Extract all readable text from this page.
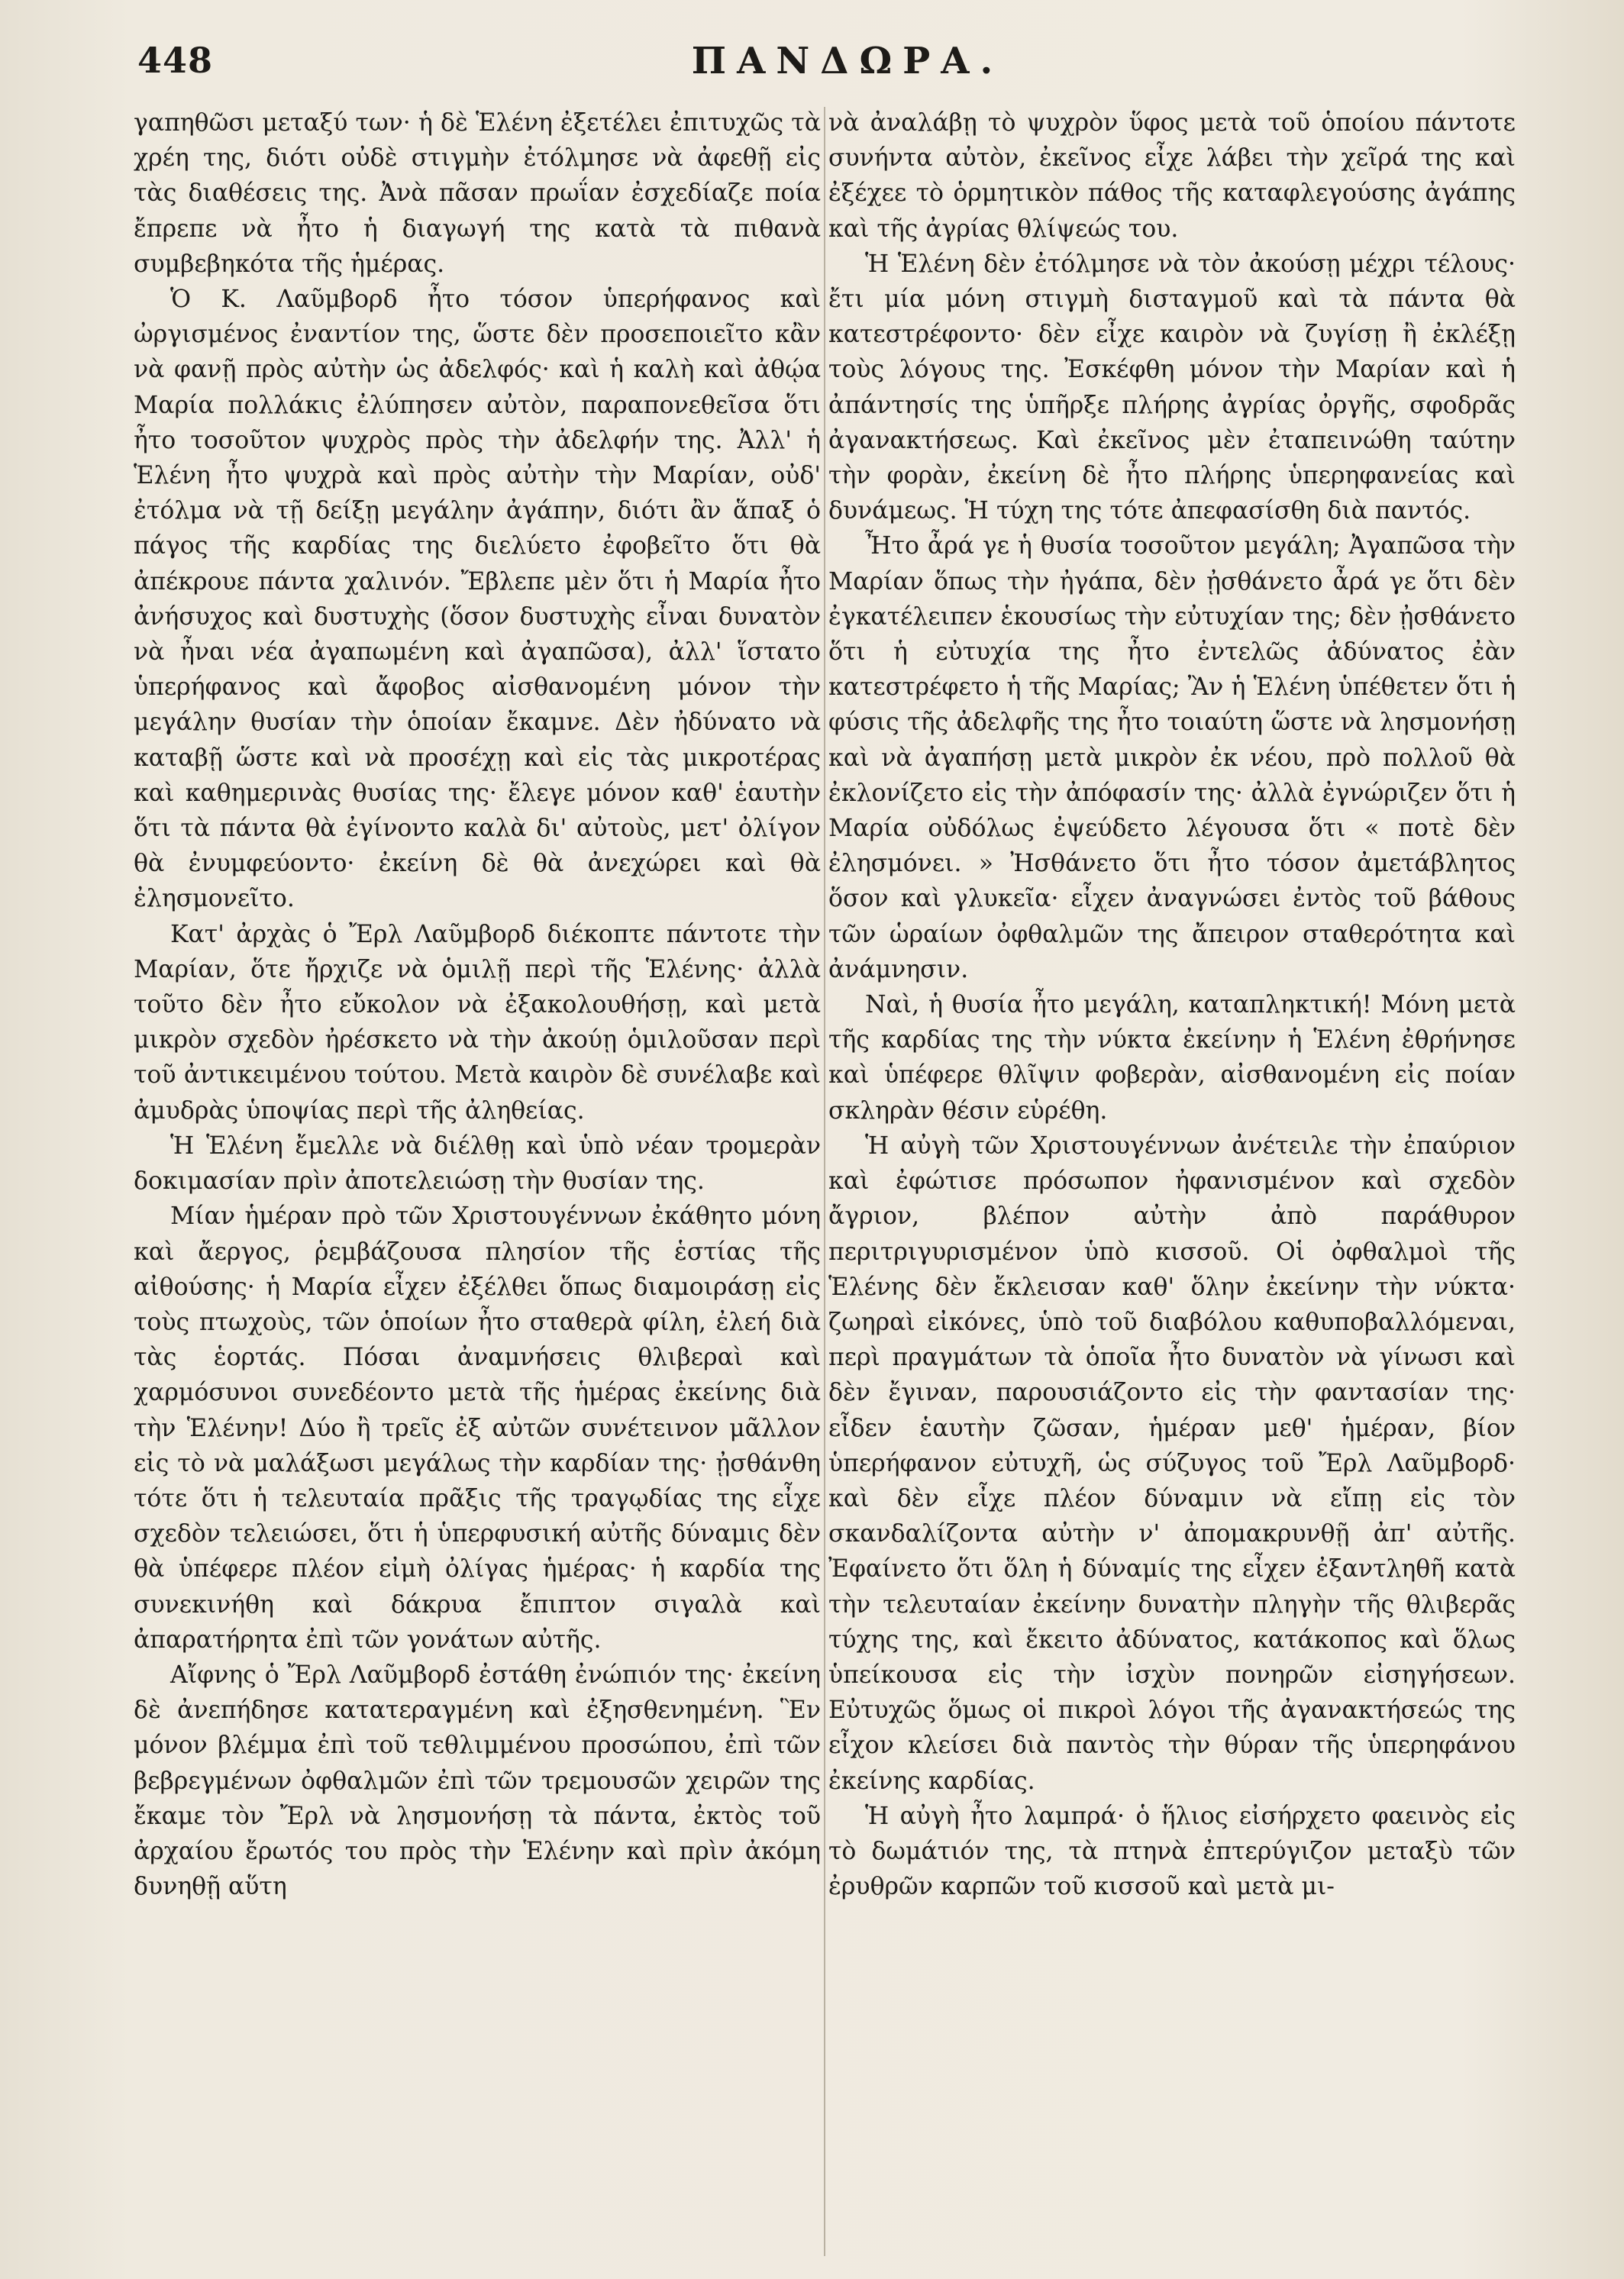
448	ΠΑΝΔΩΡΑ.

γαπηθῶσι μεταξύ των· ἡ δὲ Ἑλένη ἐξετέλει ἐπιτυχῶς τὰ χρέη της, διότι οὐδὲ στιγμὴν ἐτόλμησε νὰ ἀφεθῇ εἰς τὰς διαθέσεις της. Ἀνὰ πᾶσαν πρωΐαν ἐσχεδίαζε ποία ἔπρεπε νὰ ἦτο ἡ διαγωγή της κατὰ τὰ πιθανὰ συμβεβηκότα τῆς ἡμέρας.

Ὁ Κ. Λαῦμβορδ ἦτο τόσον ὑπερήφανος καὶ ὠργισμένος ἐναντίον της, ὥστε δὲν προσεποιεῖτο κἂν νὰ φανῇ πρὸς αὐτὴν ὡς ἀδελφός· καὶ ἡ καλὴ καὶ ἀθῴα Μαρία πολλάκις ἐλύπησεν αὐτὸν, παραπονεθεῖσα ὅτι ἦτο τοσοῦτον ψυχρὸς πρὸς τὴν ἀδελφήν της. Ἀλλ' ἡ Ἑλένη ἦτο ψυχρὰ καὶ πρὸς αὐτὴν τὴν Μαρίαν, οὐδ' ἐτόλμα νὰ τῇ δείξῃ μεγάλην ἀγάπην, διότι ἂν ἅπαξ ὁ πάγος τῆς καρδίας της διελύετο ἐφοβεῖτο ὅτι θὰ ἀπέκρουε πάντα χαλινόν. Ἔβλεπε μὲν ὅτι ἡ Μαρία ἦτο ἀνήσυχος καὶ δυστυχὴς (ὅσον δυστυχὴς εἶναι δυνατὸν νὰ ἦναι νέα ἀγαπωμένη καὶ ἀγαπῶσα), ἀλλ' ἵστατο ὑπερήφανος καὶ ἄφοβος αἰσθανομένη μόνον τὴν μεγάλην θυσίαν τὴν ὁποίαν ἔκαμνε. Δὲν ἠδύνατο νὰ καταβῇ ὥστε καὶ νὰ προσέχῃ καὶ εἰς τὰς μικροτέρας καὶ καθημερινὰς θυσίας της· ἔλεγε μόνον καθ' ἑαυτὴν ὅτι τὰ πάντα θὰ ἐγίνοντο καλὰ δι' αὐτοὺς, μετ' ὀλίγον θὰ ἐνυμφεύοντο· ἐκείνη δὲ θὰ ἀνεχώρει καὶ θὰ ἐλησμονεῖτο.

Κατ' ἀρχὰς ὁ Ἔρλ Λαῦμβορδ διέκοπτε πάντοτε τὴν Μαρίαν, ὅτε ἤρχιζε νὰ ὁμιλῇ περὶ τῆς Ἑλένης· ἀλλὰ τοῦτο δὲν ἦτο εὔκολον νὰ ἐξακολουθήσῃ, καὶ μετὰ μικρὸν σχεδὸν ἠρέσκετο νὰ τὴν ἀκούῃ ὁμιλοῦσαν περὶ τοῦ ἀντικειμένου τούτου. Μετὰ καιρὸν δὲ συνέλαβε καὶ ἀμυδρὰς ὑποψίας περὶ τῆς ἀληθείας.

Ἡ Ἑλένη ἔμελλε νὰ διέλθῃ καὶ ὑπὸ νέαν τρομερὰν δοκιμασίαν πρὶν ἀποτελειώσῃ τὴν θυσίαν της.

Μίαν ἡμέραν πρὸ τῶν Χριστουγέννων ἐκάθητο μόνη καὶ ἄεργος, ῥεμβάζουσα πλησίον τῆς ἑστίας τῆς αἰθούσης· ἡ Μαρία εἶχεν ἐξέλθει ὅπως διαμοιράσῃ εἰς τοὺς πτωχοὺς, τῶν ὁποίων ἦτο σταθερὰ φίλη, ἐλεή διὰ τὰς ἑορτάς. Πόσαι ἀναμνήσεις θλιβεραὶ καὶ χαρμόσυνοι συνεδέοντο μετὰ τῆς ἡμέρας ἐκείνης διὰ τὴν Ἑλένην! Δύο ἢ τρεῖς ἐξ αὐτῶν συνέτεινον μᾶλλον εἰς τὸ νὰ μαλάξωσι μεγάλως τὴν καρδίαν της· ᾐσθάνθη τότε ὅτι ἡ τελευταία πρᾶξις τῆς τραγῳδίας της εἶχε σχεδὸν τελειώσει, ὅτι ἡ ὑπερφυσική αὐτῆς δύναμις δὲν θὰ ὑπέφερε πλέον εἰμὴ ὀλίγας ἡμέρας· ἡ καρδία της συνεκινήθη καὶ δάκρυα ἔπιπτον σιγαλὰ καὶ ἀπαρατήρητα ἐπὶ τῶν γονάτων αὐτῆς.

Αἴφνης ὁ Ἔρλ Λαῦμβορδ ἐστάθη ἐνώπιόν της· ἐκείνη δὲ ἀνεπήδησε κατατεραγμένη καὶ ἐξησθενημένη. Ἓν μόνον βλέμμα ἐπὶ τοῦ τεθλιμμένου προσώπου, ἐπὶ τῶν βεβρεγμένων ὀφθαλμῶν ἐπὶ τῶν τρεμουσῶν χειρῶν της ἔκαμε τὸν Ἔρλ νὰ λησμονήσῃ τὰ πάντα, ἐκτὸς τοῦ ἀρχαίου ἔρωτός του πρὸς τὴν Ἑλένην καὶ πρὶν ἀκόμη δυνηθῇ αὕτη

νὰ ἀναλάβῃ τὸ ψυχρὸν ὕφος μετὰ τοῦ ὁποίου πάντοτε συνήντα αὐτὸν, ἐκεῖνος εἶχε λάβει τὴν χεῖρά της καὶ ἐξέχεε τὸ ὁρμητικὸν πάθος τῆς καταφλεγούσης ἀγάπης καὶ τῆς ἀγρίας θλίψεώς του.

Ἡ Ἑλένη δὲν ἐτόλμησε νὰ τὸν ἀκούσῃ μέχρι τέλους· ἔτι μία μόνη στιγμὴ δισταγμοῦ καὶ τὰ πάντα θὰ κατεστρέφοντο· δὲν εἶχε καιρὸν νὰ ζυγίσῃ ἢ ἐκλέξῃ τοὺς λόγους της. Ἐσκέφθη μόνον τὴν Μαρίαν καὶ ἡ ἀπάντησίς της ὑπῆρξε πλήρης ἀγρίας ὀργῆς, σφοδρᾶς ἀγανακτήσεως. Καὶ ἐκεῖνος μὲν ἐταπεινώθη ταύτην τὴν φορὰν, ἐκείνη δὲ ἦτο πλήρης ὑπερηφανείας καὶ δυνάμεως. Ἡ τύχη της τότε ἀπεφασίσθη διὰ παντός.

Ἦτο ἆρά γε ἡ θυσία τοσοῦτον μεγάλη; Ἀγαπῶσα τὴν Μαρίαν ὅπως τὴν ἠγάπα, δὲν ᾐσθάνετο ἆρά γε ὅτι δὲν ἐγκατέλειπεν ἑκουσίως τὴν εὐτυχίαν της; δὲν ᾐσθάνετο ὅτι ἡ εὐτυχία της ἦτο ἐντελῶς ἀδύνατος ἐὰν κατεστρέφετο ἡ τῆς Μαρίας; Ἂν ἡ Ἑλένη ὑπέθετεν ὅτι ἡ φύσις τῆς ἀδελφῆς της ἦτο τοιαύτη ὥστε νὰ λησμονήσῃ καὶ νὰ ἀγαπήσῃ μετὰ μικρὸν ἐκ νέου, πρὸ πολλοῦ θὰ ἐκλονίζετο εἰς τὴν ἀπόφασίν της· ἀλλὰ ἐγνώριζεν ὅτι ἡ Μαρία οὐδόλως ἐψεύδετο λέγουσα ὅτι « ποτὲ δὲν ἐλησμόνει. » Ἠσθάνετο ὅτι ἦτο τόσον ἀμετάβλητος ὅσον καὶ γλυκεῖα· εἶχεν ἀναγνώσει ἐντὸς τοῦ βάθους τῶν ὡραίων ὀφθαλμῶν της ἄπειρον σταθερότητα καὶ ἀνάμνησιν.

Ναὶ, ἡ θυσία ἦτο μεγάλη, καταπληκτική! Μόνη μετὰ τῆς καρδίας της τὴν νύκτα ἐκείνην ἡ Ἑλένη ἐθρήνησε καὶ ὑπέφερε θλῖψιν φοβερὰν, αἰσθανομένη εἰς ποίαν σκληρὰν θέσιν εὑρέθη.

Ἡ αὐγὴ τῶν Χριστουγέννων ἀνέτειλε τὴν ἐπαύριον καὶ ἐφώτισε πρόσωπον ἠφανισμένον καὶ σχεδὸν ἄγριον, βλέπον αὐτὴν ἀπὸ παράθυρον περιτριγυρισμένον ὑπὸ κισσοῦ. Οἱ ὀφθαλμοὶ τῆς Ἑλένης δὲν ἔκλεισαν καθ' ὅλην ἐκείνην τὴν νύκτα· ζωηραὶ εἰκόνες, ὑπὸ τοῦ διαβόλου καθυποβαλλόμεναι, περὶ πραγμάτων τὰ ὁποῖα ἦτο δυνατὸν νὰ γίνωσι καὶ δὲν ἔγιναν, παρουσιάζοντο εἰς τὴν φαντασίαν της· εἶδεν ἑαυτὴν ζῶσαν, ἡμέραν μεθ' ἡμέραν, βίον ὑπερήφανον εὐτυχῆ, ὡς σύζυγος τοῦ Ἔρλ Λαῦμβορδ· καὶ δὲν εἶχε πλέον δύναμιν νὰ εἴπῃ εἰς τὸν σκανδαλίζοντα αὐτὴν ν' ἀπομακρυνθῇ ἀπ' αὐτῆς. Ἐφαίνετο ὅτι ὅλη ἡ δύναμίς της εἶχεν ἐξαντληθῆ κατὰ τὴν τελευταίαν ἐκείνην δυνατὴν πληγὴν τῆς θλιβερᾶς τύχης της, καὶ ἔκειτο ἀδύνατος, κατάκοπος καὶ ὅλως ὑπείκουσα εἰς τὴν ἰσχὺν πονηρῶν εἰσηγήσεων. Εὐτυχῶς ὅμως οἱ πικροὶ λόγοι τῆς ἀγανακτήσεώς της εἶχον κλείσει διὰ παντὸς τὴν θύραν τῆς ὑπερηφάνου ἐκείνης καρδίας.

Ἡ αὐγὴ ἦτο λαμπρά· ὁ ἥλιος εἰσήρχετο φαεινὸς εἰς τὸ δωμάτιόν της, τὰ πτηνὰ ἐπτερύγιζον μεταξὺ τῶν ἐρυθρῶν καρπῶν τοῦ κισσοῦ καὶ μετὰ μι-
